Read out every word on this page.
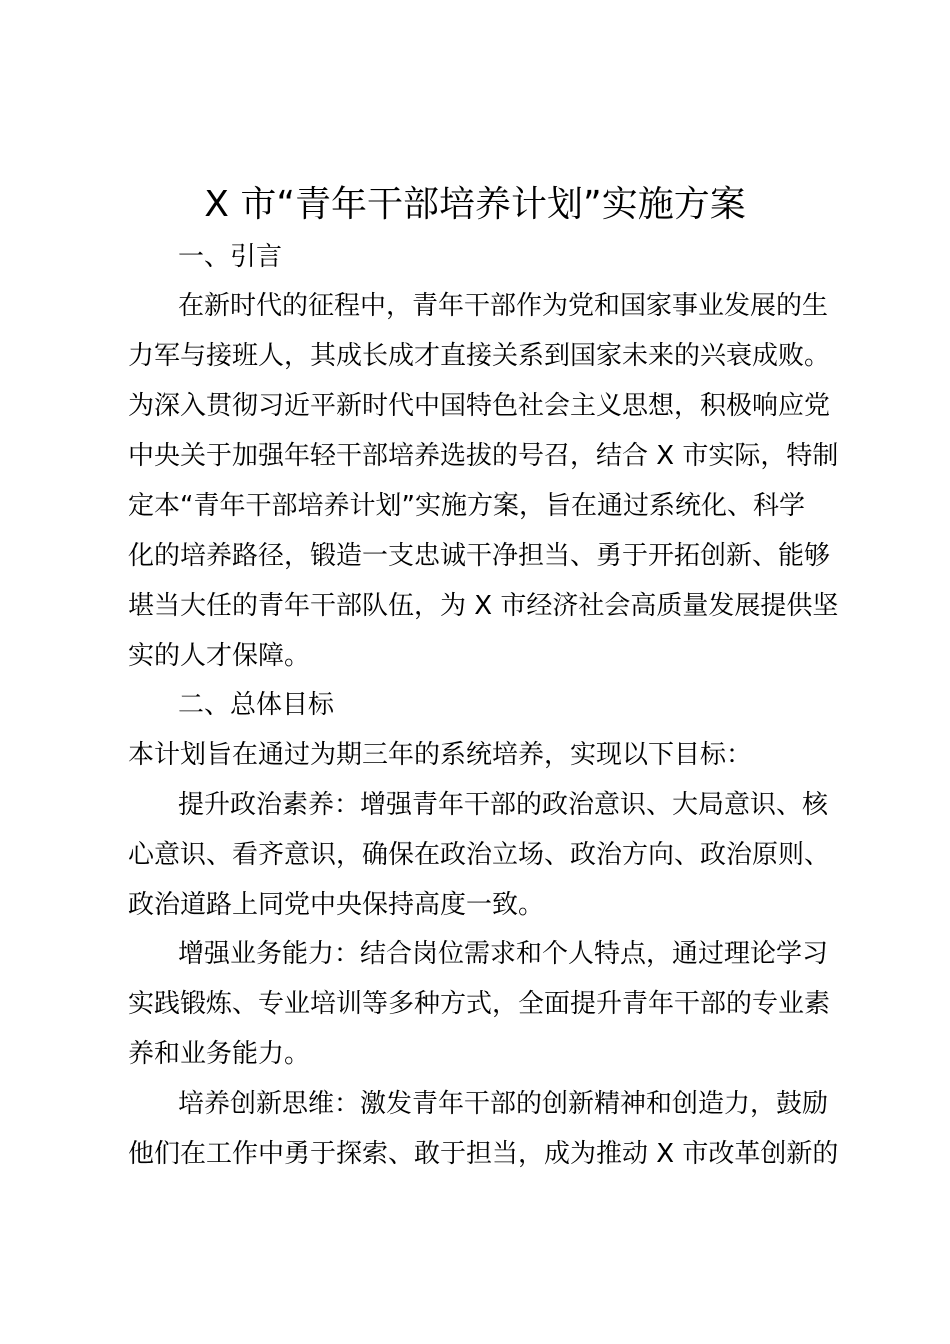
X 市“青年干部培养计划”实施方案
一、引言
在新时代的征程中，青年干部作为党和国家事业发展的生
力军与接班人，其成长成才直接关系到国家未来的兴衰成败。
为深入贯彻习近平新时代中国特色社会主义思想，积极响应党
中央关于加强年轻干部培养选拔的号召，结合 X 市实际，特制
定本“青年干部培养计划”实施方案，旨在通过系统化、科学
化的培养路径，锻造一支忠诚干净担当、勇于开拓创新、能够
堪当大任的青年干部队伍，为 X 市经济社会高质量发展提供坚
实的人才保障。
二、总体目标
本计划旨在通过为期三年的系统培养，实现以下目标：
提升政治素养：增强青年干部的政治意识、大局意识、核
心意识、看齐意识，确保在政治立场、政治方向、政治原则、
政治道路上同党中央保持高度一致。
增强业务能力：结合岗位需求和个人特点，通过理论学习
实践锻炼、专业培训等多种方式，全面提升青年干部的专业素
养和业务能力。
培养创新思维：激发青年干部的创新精神和创造力，鼓励
他们在工作中勇于探索、敢于担当，成为推动 X 市改革创新的
